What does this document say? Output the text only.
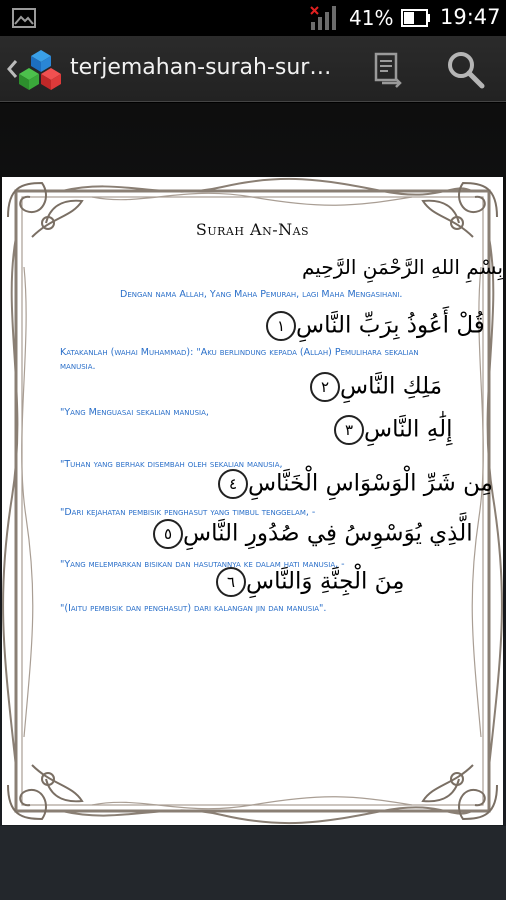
41% 19:47
terjemahan-surah-sur…
Surah An-Nas
بِسْمِ اللهِ الرَّحْمَنِ الرَّحِيم
Dengan nama Allah, Yang Maha Pemurah, lagi Maha Mengasihani.
قُلْ أَعُوذُ بِرَبِّ النَّاسِ١
Katakanlah (wahai Muhammad): "Aku berlindung kepada (Allah) Pemulihara sekalian manusia.
مَلِكِ النَّاسِ٢
"Yang Menguasai sekalian manusia,
إِلَٰهِ النَّاسِ٣
"Tuhan yang berhak disembah oleh sekalian manusia,
مِن شَرِّ الْوَسْوَاسِ الْخَنَّاسِ٤
"Dari kejahatan pembisik penghasut yang timbul tenggelam, -
الَّذِي يُوَسْوِسُ فِي صُدُورِ النَّاسِ٥
"Yang melemparkan bisikan dan hasutannya ke dalam hati manusia, -
مِنَ الْجِنَّةِ وَالنَّاسِ٦
"(Iaitu pembisik dan penghasut) dari kalangan jin dan manusia".
